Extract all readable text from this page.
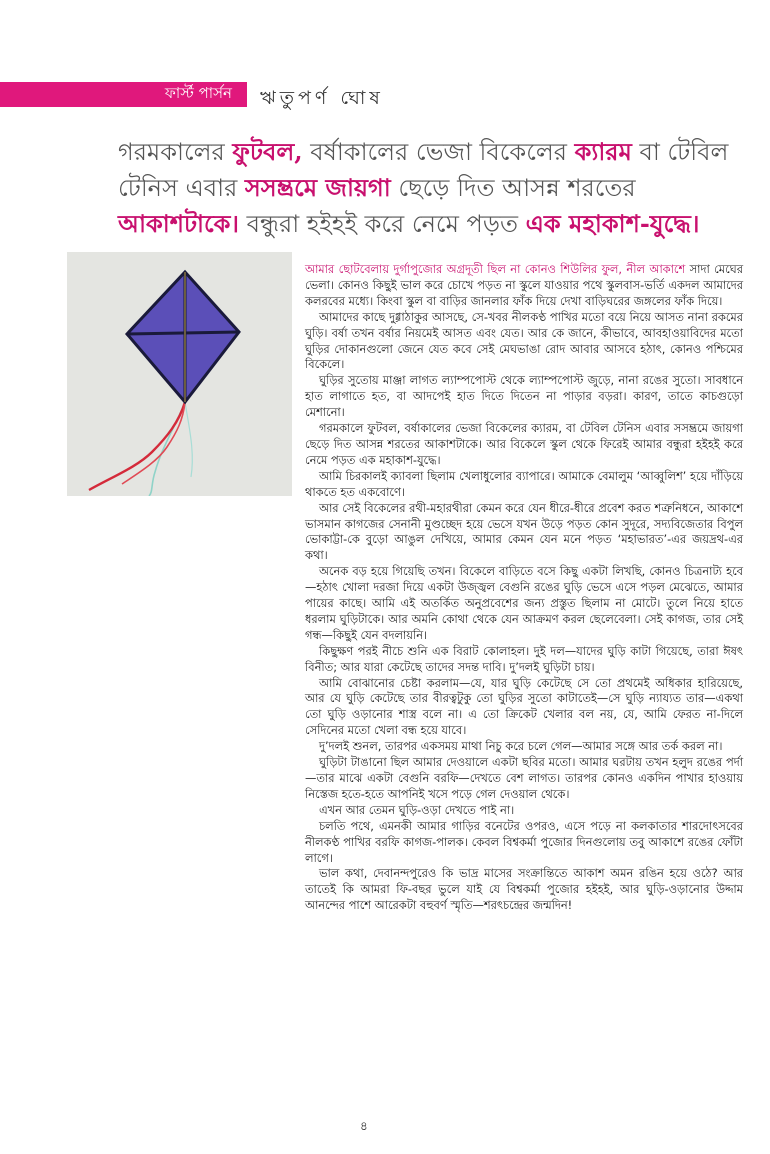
ফার্স্ট পার্সন	ঋতুপর্ণ ঘোষ
গরমকালের ফুটবল, বর্ষাকালের ভেজা বিকেলের ক্যারম বা টেবিল টেনিস এবার সসম্ভ্রমে জায়গা ছেড়ে দিত আসন্ন শরতের আকাশটাকে। বন্ধুরা হইহই করে নেমে পড়ত এক মহাকাশ-যুদ্ধে।

আমার ছোটবেলায় দুর্গাপুজোর অগ্রদূতী ছিল না কোনও শিউলির ফুল, নীল আকাশে সাদা মেঘের ভেলা। কোনও কিছুই ভাল করে চোখে পড়ত না স্কুলে যাওয়ার পথে স্কুলবাস-ভর্তি একদল আমাদের কলরবের মধ্যে। কিংবা স্কুল বা বাড়ির জানলার ফাঁক দিয়ে দেখা বাড়িঘরের জঙ্গলের ফাঁক দিয়ে।

আমাদের কাছে দুগ্গাঠাকুর আসছে, সে-খবর নীলকণ্ঠ পাখির মতো বয়ে নিয়ে আসত নানা রকমের ঘুড়ি। বর্ষা তখন বর্ষার নিয়মেই আসত এবং যেত। আর কে জানে, কীভাবে, আবহাওয়াবিদের মতো ঘুড়ির দোকানগুলো জেনে যেত কবে সেই মেঘভাঙা রোদ আবার আসবে হঠাৎ, কোনও পশ্চিমের বিকেলে।

ঘুড়ির সুতোয় মাঞ্জা লাগত ল্যাম্পপোস্ট থেকে ল্যাম্পপোস্ট জুড়ে, নানা রঙের সুতো। সাবধানে হাত লাগাতে হত, বা আদপেই হাত দিতে দিতেন না পাড়ার বড়রা। কারণ, তাতে কাচগুড়ো মেশানো।

গরমকালে ফুটবল, বর্ষাকালের ভেজা বিকেলের ক্যারম, বা টেবিল টেনিস এবার সসম্ভ্রমে জায়গা ছেড়ে দিত আসন্ন শরতের আকাশটাকে। আর বিকেলে স্কুল থেকে ফিরেই আমার বন্ধুরা হইহই করে নেমে পড়ত এক মহাকাশ-যুদ্ধে।

আমি চিরকালই ক্যাবলা ছিলাম খেলাধুলোর ব্যাপারে। আমাকে বেমালুম ‘আব্বুলিশ’ হয়ে দাঁড়িয়ে থাকতে হত একবোণে।

আর সেই বিকেলের রথী-মহারথীরা কেমন করে যেন ধীরে-ধীরে প্রবেশ করত শত্রুনিধনে, আকাশে ভাসমান কাগজের সেনানী মুণ্ডচ্ছেদ হয়ে ভেসে যখন উড়ে পড়ত কোন সুদূরে, সদ্যবিজেতার বিপুল ভোকাট্টা-কে বুড়ো আঙুল দেখিয়ে, আমার কেমন যেন মনে পড়ত ‘মহাভারত’-এর জয়দ্রথ-এর কথা।

অনেক বড় হয়ে গিয়েছি তখন। বিকেলে বাড়িতে বসে কিছু একটা লিখছি, কোনও চিত্রনাট্য হবে—হঠাৎ খোলা দরজা দিয়ে একটা উজ্জ্বল বেগুনি রঙের ঘুড়ি ভেসে এসে পড়ল মেঝেতে, আমার পায়ের কাছে। আমি এই অতর্কিত অনুপ্রবেশের জন্য প্রস্তুত ছিলাম না মোটে। তুলে নিয়ে হাতে ধরলাম ঘুড়িটাকে। আর অমনি কোথা থেকে যেন আক্রমণ করল ছেলেবেলা। সেই কাগজ, তার সেই গন্ধ—কিছুই যেন বদলায়নি।

কিছুক্ষণ পরই নীচে শুনি এক বিরাট কোলাহল। দুই দল—যাদের ঘুড়ি কাটা গিয়েছে, তারা ঈষৎ বিনীত; আর যারা কেটেছে তাদের সদন্ত দাবি। দু’দলই ঘুড়িটা চায়।

আমি বোঝানোর চেষ্টা করলাম—যে, যার ঘুড়ি কেটেছে সে তো প্রথমেই অধিকার হারিয়েছে, আর যে ঘুড়ি কেটেছে তার বীরত্বটুকু তো ঘুড়ির সুতো কাটাতেই—সে ঘুড়ি ন্যায্যত তার—একথা তো ঘুড়ি ওড়ানোর শাস্ত্র বলে না। এ তো ক্রিকেট খেলার বল নয়, যে, আমি ফেরত না-দিলে সেদিনের মতো খেলা বন্ধ হয়ে যাবে।

দু’দলই শুনল, তারপর একসময় মাথা নিচু করে চলে গেল—আমার সঙ্গে আর তর্ক করল না।

ঘুড়িটা টাঙানো ছিল আমার দেওয়ালে একটা ছবির মতো। আমার ঘরটায় তখন হলুদ রঙের পর্দা—তার মাঝে একটা বেগুনি বরফি—দেখতে বেশ লাগত। তারপর কোনও একদিন পাখার হাওয়ায় নিস্তেজ হতে-হতে আপনিই খসে পড়ে গেল দেওয়াল থেকে।

এখন আর তেমন ঘুড়ি-ওড়া দেখতে পাই না।

চলতি পথে, এমনকী আমার গাড়ির বনেটের ওপরও, এসে পড়ে না কলকাতার শারদোৎসবের নীলকণ্ঠ পাখির বরফি কাগজ-পালক। কেবল বিশ্বকর্মা পুজোর দিনগুলোয় তবু আকাশে রঙের ফোঁটা লাগে।

ভাল কথা, দেবানন্দপুরেও কি ভাদ্র মাসের সংক্রান্তিতে আকাশ অমন রঙিন হয়ে ওঠে? আর তাতেই কি আমরা ফি-বছর ভুলে যাই যে বিশ্বকর্মা পুজোর হইহই, আর ঘুড়ি-ওড়ানোর উদ্দাম আনন্দের পাশে আরেকটা বহুবর্ণ স্মৃতি—শরৎচন্দ্রের জন্মদিন!

৪
